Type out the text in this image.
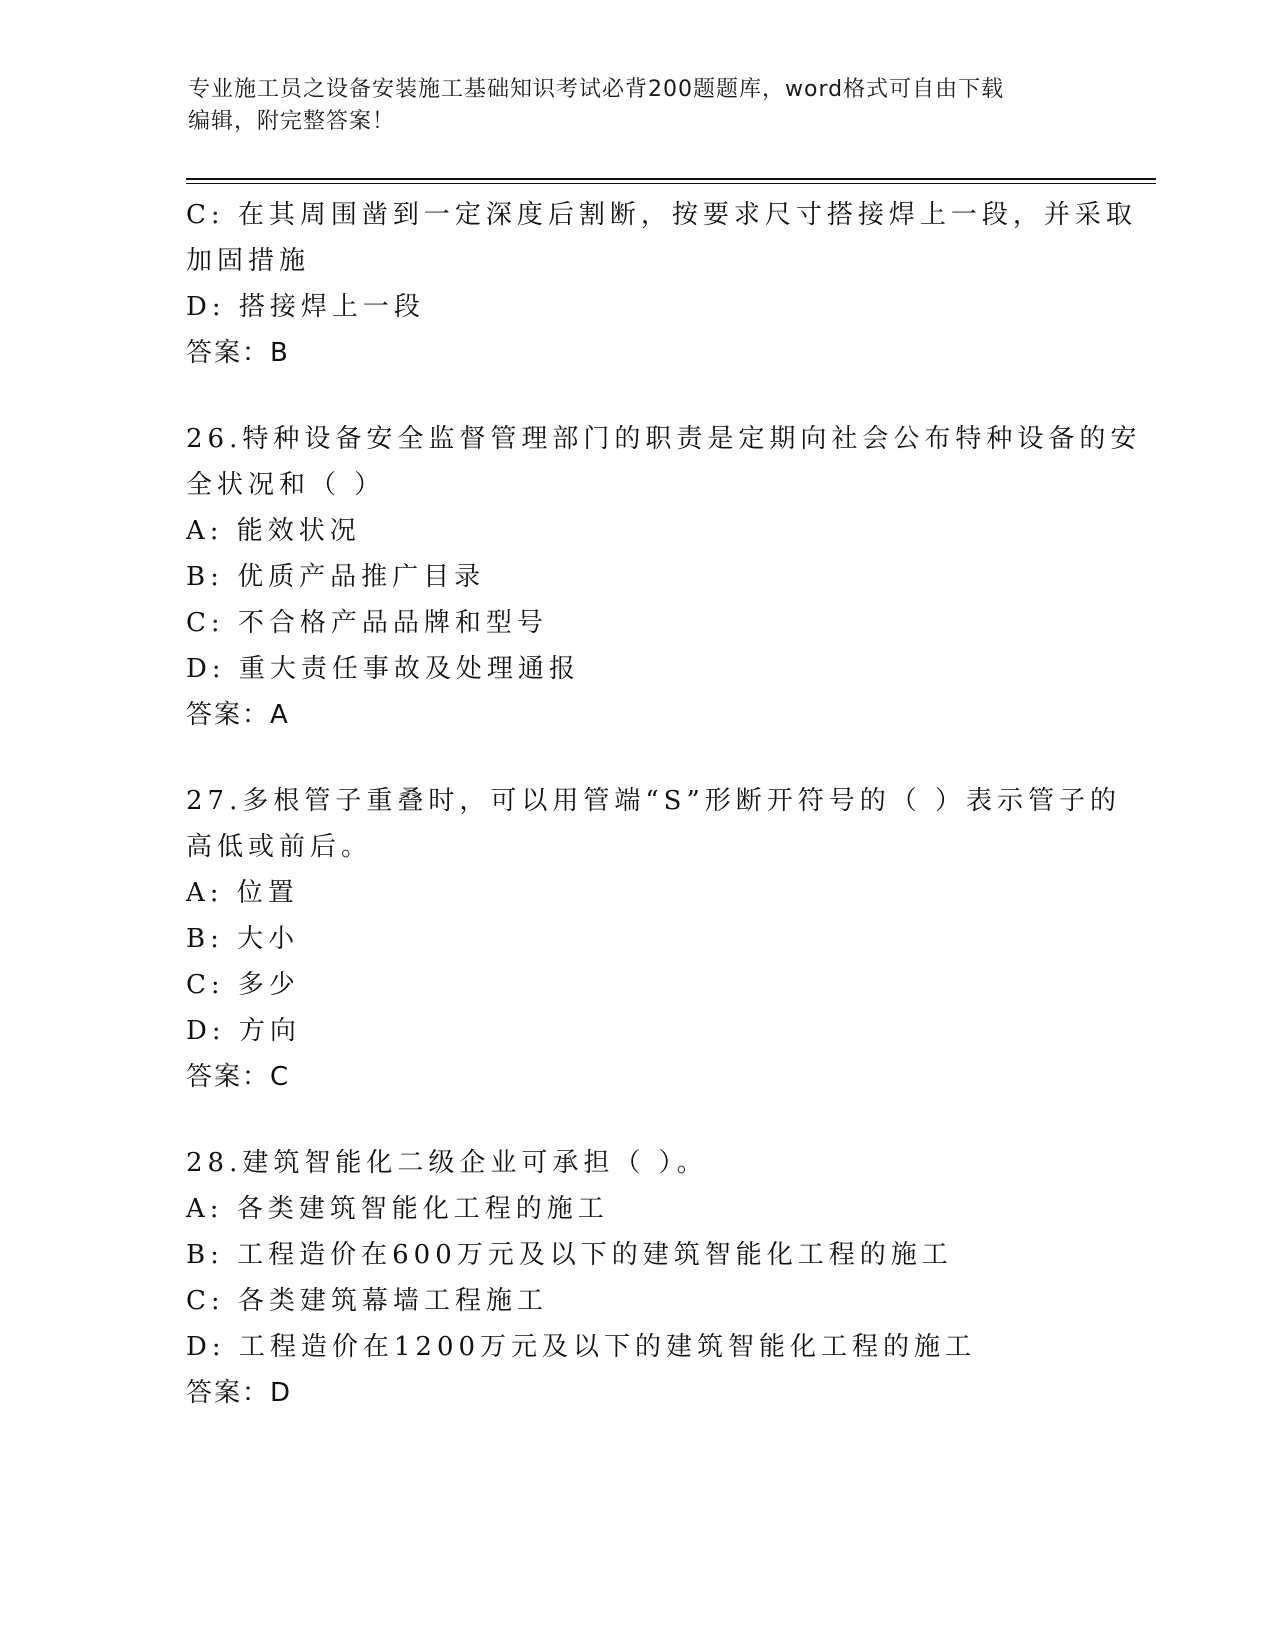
专业施工员之设备安装施工基础知识考试必背200题题库，word格式可自由下载
编辑，附完整答案！
C: 在其周围凿到一定深度后割断，按要求尺寸搭接焊上一段，并采取
加固措施
D: 搭接焊上一段
答案：B
26.特种设备安全监督管理部门的职责是定期向社会公布特种设备的安
全状况和（ ）
A: 能效状况
B: 优质产品推广目录
C: 不合格产品品牌和型号
D: 重大责任事故及处理通报
答案：A
27.多根管子重叠时，可以用管端“S”形断开符号的（ ）表示管子的
高低或前后。
A: 位置
B: 大小
C: 多少
D: 方向
答案：C
28.建筑智能化二级企业可承担（ ）。
A: 各类建筑智能化工程的施工
B: 工程造价在600万元及以下的建筑智能化工程的施工
C: 各类建筑幕墙工程施工
D: 工程造价在1200万元及以下的建筑智能化工程的施工
答案：D
